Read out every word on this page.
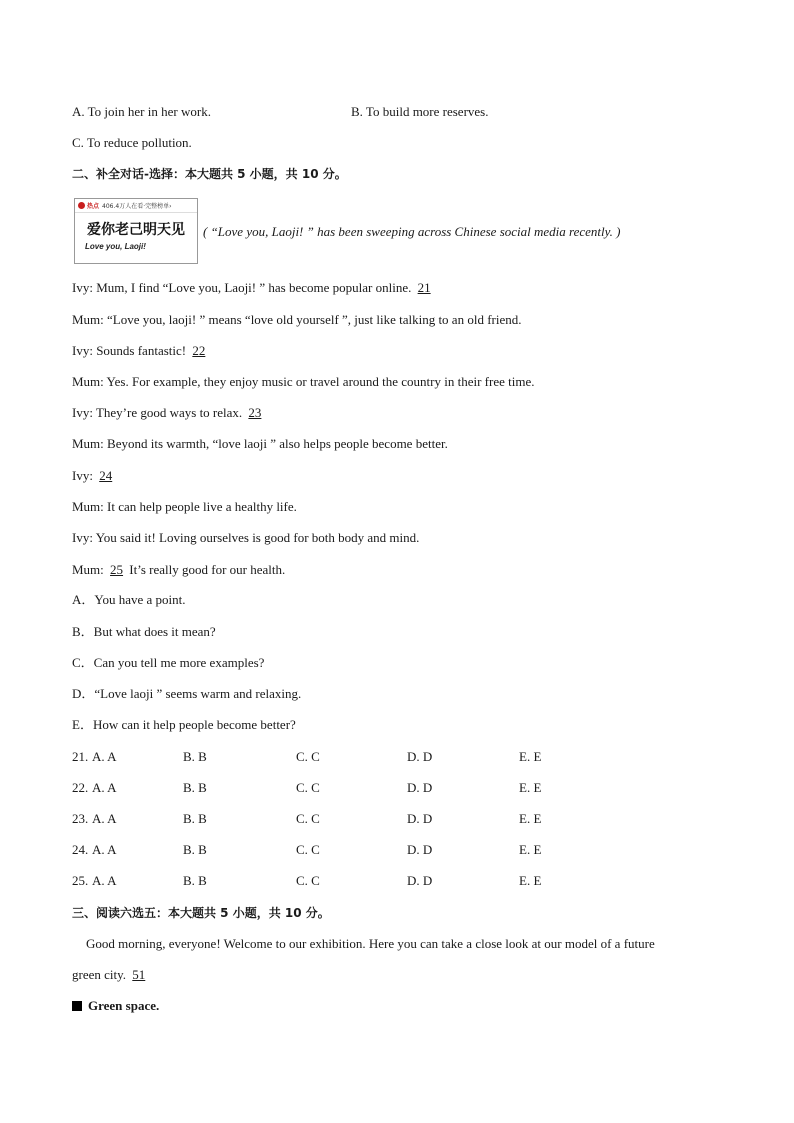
A. To join her in her work.	B. To build more reserves.
C. To reduce pollution.
二、补全对话-选择：本大题共 5 小题，共 10 分。
热点 406.4万人在看·完整榜单›
爱你老己明天见
Love you, Laoji!
( “Love you, Laoji! ” has been sweeping across Chinese social media recently. )
Ivy: Mum, I find “Love you, Laoji! ” has become popular online. 21
Mum: “Love you, laoji! ” means “love old yourself ”, just like talking to an old friend.
Ivy: Sounds fantastic! 22
Mum: Yes. For example, they enjoy music or travel around the country in their free time.
Ivy: They’re good ways to relax. 23
Mum: Beyond its warmth, “love laoji ” also helps people become better.
Ivy: 24
Mum: It can help people live a healthy life.
Ivy: You said it! Loving ourselves is good for both body and mind.
Mum: 25 It’s really good for our health.
A．You have a point.
B．But what does it mean?
C．Can you tell me more examples?
D．“Love laoji ” seems warm and relaxing.
E．How can it help people become better?
21. A. A	B. B	C. C	D. D	E. E
22. A. A	B. B	C. C	D. D	E. E
23. A. A	B. B	C. C	D. D	E. E
24. A. A	B. B	C. C	D. D	E. E
25. A. A	B. B	C. C	D. D	E. E
三、阅读六选五：本大题共 5 小题，共 10 分。
Good morning, everyone! Welcome to our exhibition. Here you can take a close look at our model of a future
green city. 51
Green space.
